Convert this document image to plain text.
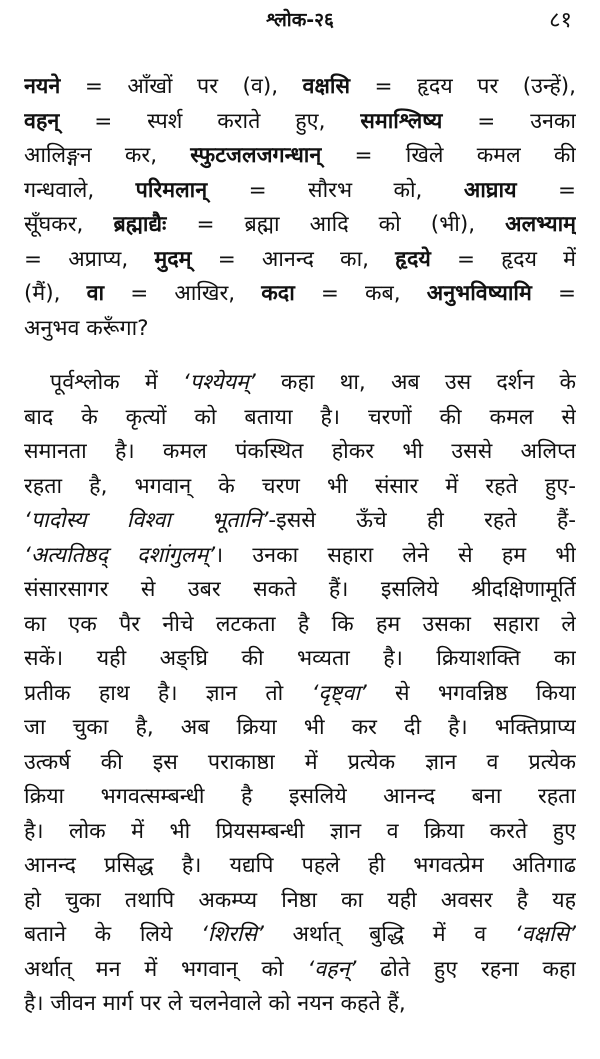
श्लोक-२६	८१
नयने = आँखों पर (व), वक्षसि = हृदय पर (उन्हें),
वहन् = स्पर्श कराते हुए, समाश्लिष्य = उनका
आलिङ्गन कर, स्फुटजलजगन्धान् = खिले कमल की
गन्धवाले, परिमलान् = सौरभ को, आघ्राय =
सूँघकर, ब्रह्माद्यैः = ब्रह्मा आदि को (भी), अलभ्याम्
= अप्राप्य, मुदम् = आनन्द का, हृदये = हृदय में
(मैं), वा = आखिर, कदा = कब, अनुभविष्यामि =
अनुभव करूँगा?
पूर्वश्लोक में ‘पश्येयम्’ कहा था, अब उस दर्शन के
बाद के कृत्यों को बताया है। चरणों की कमल से
समानता है। कमल पंकस्थित होकर भी उससे अलिप्त
रहता है, भगवान् के चरण भी संसार में रहते हुए-
‘पादोस्य विश्वा भूतानि’-इससे ऊँचे ही रहते हैं-
‘अत्यतिष्ठद् दशांगुलम्’। उनका सहारा लेने से हम भी
संसारसागर से उबर सकते हैं। इसलिये श्रीदक्षिणामूर्ति
का एक पैर नीचे लटकता है कि हम उसका सहारा ले
सकें। यही अङ्घ्रि की भव्यता है। क्रियाशक्ति का
प्रतीक हाथ है। ज्ञान तो ‘दृष्ट्वा’ से भगवन्निष्ठ किया
जा चुका है, अब क्रिया भी कर दी है। भक्तिप्राप्य
उत्कर्ष की इस पराकाष्ठा में प्रत्येक ज्ञान व प्रत्येक
क्रिया भगवत्सम्बन्धी है इसलिये आनन्द बना रहता
है। लोक में भी प्रियसम्बन्धी ज्ञान व क्रिया करते हुए
आनन्द प्रसिद्ध है। यद्यपि पहले ही भगवत्प्रेम अतिगाढ
हो चुका तथापि अकम्प्य निष्ठा का यही अवसर है यह
बताने के लिये ‘शिरसि’ अर्थात् बुद्धि में व ‘वक्षसि’
अर्थात् मन में भगवान् को ‘वहन्’ ढोते हुए रहना कहा
है। जीवन मार्ग पर ले चलनेवाले को नयन कहते हैं,
